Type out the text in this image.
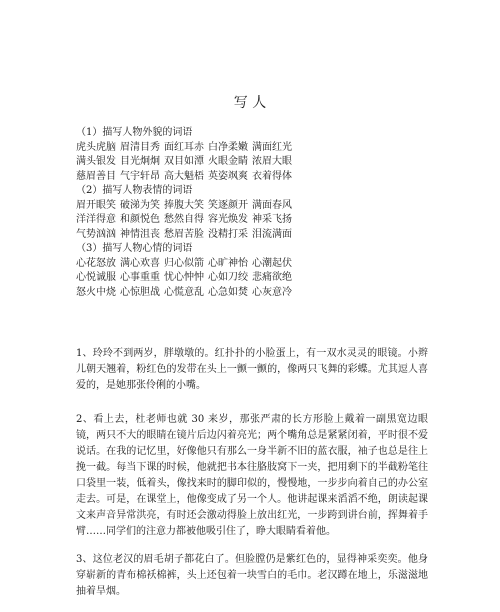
写 人
（1）描写人物外貌的词语
虎头虎脑 眉清目秀 面红耳赤 白净柔嫩 满面红光
满头银发 目光炯炯 双目如潭 火眼金睛 浓眉大眼
慈眉善目 气宇轩昂 高大魁梧 英姿飒爽 衣着得体
（2）描写人物表情的词语
眉开眼笑 破涕为笑 捧腹大笑 笑逐颜开 满面春风
洋洋得意 和颜悦色 愁然自得 容光焕发 神采飞扬
气势汹汹 神情沮丧 愁眉苦脸 没精打采 泪流满面
（3）描写人物心情的词语
心花怒放 满心欢喜 归心似箭 心旷神怡 心潮起伏
心悦诚服 心事重重 忧心忡忡 心如刀绞 悲痛欲绝
怒火中烧 心惊胆战 心慌意乱 心急如焚 心灰意冷

1、玲玲不到两岁，胖墩墩的。红扑扑的小脸蛋上，有一双水灵灵的眼镜。小辫儿朝天翘着，粉红色的发带在头上一颤一颤的，像两只飞舞的彩蝶。尤其逗人喜爱的，是她那张伶俐的小嘴。

2、看上去，杜老师也就 30 来岁，那张严肃的长方形脸上戴着一副黑宽边眼镜，两只不大的眼睛在镜片后边闪着亮光；两个嘴角总是紧紧闭着，平时很不爱说话。在我的记忆里，好像他只有那么一身半新不旧的蓝衣服，袖子也总是往上挽一截。每当下课的时候，他就把书本往胳肢窝下一夹，把用剩下的半截粉笔往口袋里一装，低着头，像找来时的脚印似的，慢慢地，一步步向着自己的办公室走去。可是，在课堂上，他像变成了另一个人。他讲起课来滔滔不绝，朗读起课文来声音异常洪亮，有时还会激动得脸上放出红光，一步跨到讲台前，挥舞着手臂……同学们的注意力都被他吸引住了，睁大眼睛看着他。

3、这位老汉的眉毛胡子都花白了。但脸膛仍是紫红色的，显得神采奕奕。他身穿崭新的青布棉袄棉裤，头上还包着一块雪白的毛巾。老汉蹲在地上，乐滋滋地抽着旱烟。
